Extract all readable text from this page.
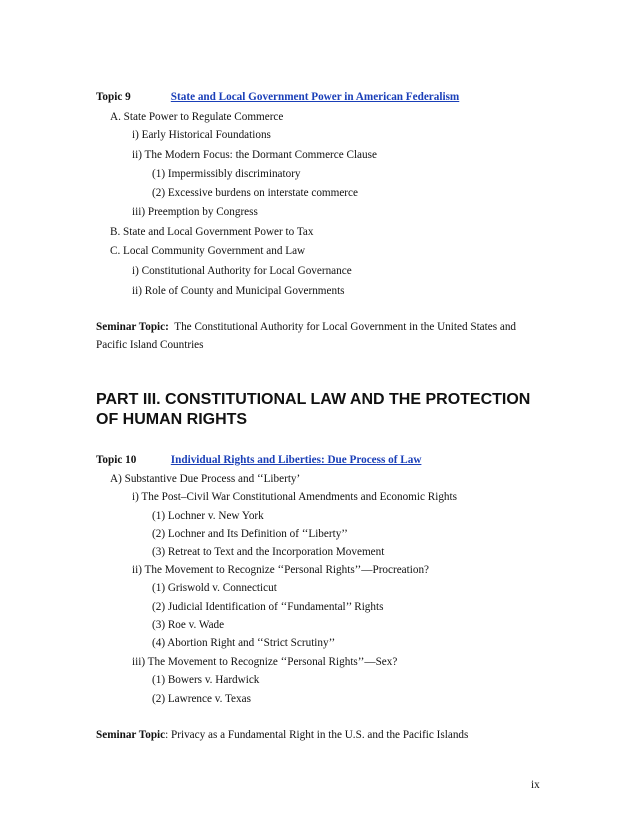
Topic 9	State and Local Government Power in American Federalism
A. State Power to Regulate Commerce
i) Early Historical Foundations
ii) The Modern Focus: the Dormant Commerce Clause
(1) Impermissibly discriminatory
(2) Excessive burdens on interstate commerce
iii) Preemption by Congress
B. State and Local Government Power to Tax
C. Local Community Government and Law
i) Constitutional Authority for Local Governance
ii) Role of County and Municipal Governments
Seminar Topic: The Constitutional Authority for Local Government in the United States and Pacific Island Countries
PART III. CONSTITUTIONAL LAW AND THE PROTECTION OF HUMAN RIGHTS
Topic 10	Individual Rights and Liberties: Due Process of Law
A) Substantive Due Process and ‘‘Liberty’
i) The Post–Civil War Constitutional Amendments and Economic Rights
(1) Lochner v. New York
(2) Lochner and Its Definition of ‘‘Liberty’’
(3) Retreat to Text and the Incorporation Movement
ii) The Movement to Recognize ‘‘Personal Rights’’—Procreation?
(1) Griswold v. Connecticut
(2) Judicial Identification of ‘‘Fundamental’’ Rights
(3) Roe v. Wade
(4) Abortion Right and ‘‘Strict Scrutiny’’
iii) The Movement to Recognize ‘‘Personal Rights’’—Sex?
(1) Bowers v. Hardwick
(2) Lawrence v. Texas
Seminar Topic: Privacy as a Fundamental Right in the U.S. and the Pacific Islands
ix
